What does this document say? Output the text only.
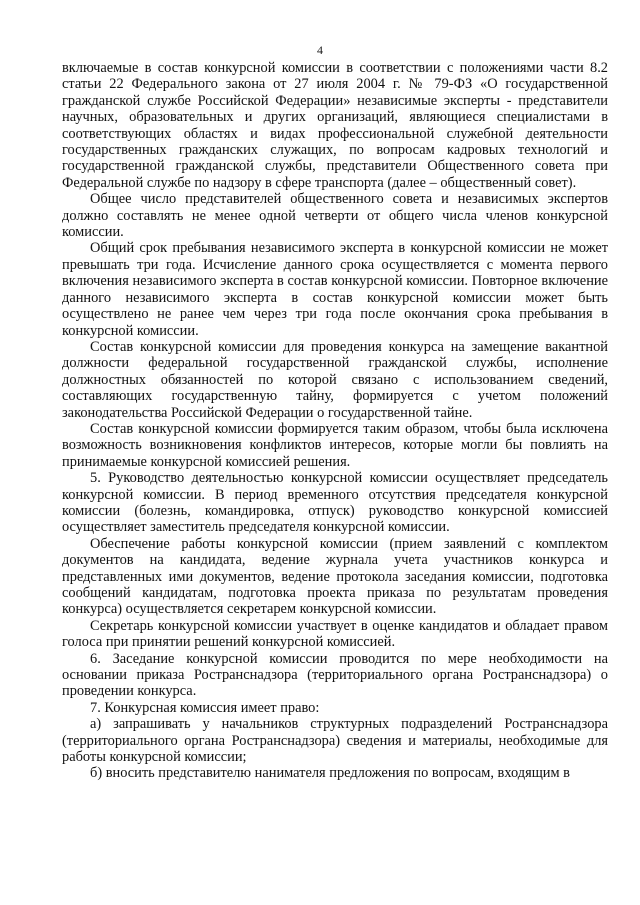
4

включаемые в состав конкурсной комиссии в соответствии с положениями части 8.2 статьи 22 Федерального закона от 27 июля 2004 г. № 79-ФЗ «О государственной гражданской службе Российской Федерации» независимые эксперты - представители научных, образовательных и других организаций, являющиеся специалистами в соответствующих областях и видах профессиональной служебной деятельности государственных гражданских служащих, по вопросам кадровых технологий и государственной гражданской службы, представители Общественного совета при Федеральной службе по надзору в сфере транспорта (далее – общественный совет).

Общее число представителей общественного совета и независимых экспертов должно составлять не менее одной четверти от общего числа членов конкурсной комиссии.

Общий срок пребывания независимого эксперта в конкурсной комиссии не может превышать три года. Исчисление данного срока осуществляется с момента первого включения независимого эксперта в состав конкурсной комиссии. Повторное включение данного независимого эксперта в состав конкурсной комиссии может быть осуществлено не ранее чем через три года после окончания срока пребывания в конкурсной комиссии.

Состав конкурсной комиссии для проведения конкурса на замещение вакантной должности федеральной государственной гражданской службы, исполнение должностных обязанностей по которой связано с использованием сведений, составляющих государственную тайну, формируется с учетом положений законодательства Российской Федерации о государственной тайне.

Состав конкурсной комиссии формируется таким образом, чтобы была исключена возможность возникновения конфликтов интересов, которые могли бы повлиять на принимаемые конкурсной комиссией решения.

5. Руководство деятельностью конкурсной комиссии осуществляет председатель конкурсной комиссии. В период временного отсутствия председателя конкурсной комиссии (болезнь, командировка, отпуск) руководство конкурсной комиссией осуществляет заместитель председателя конкурсной комиссии.

Обеспечение работы конкурсной комиссии (прием заявлений с комплектом документов на кандидата, ведение журнала учета участников конкурса и представленных ими документов, ведение протокола заседания комиссии, подготовка сообщений кандидатам, подготовка проекта приказа по результатам проведения конкурса) осуществляется секретарем конкурсной комиссии.

Секретарь конкурсной комиссии участвует в оценке кандидатов и обладает правом голоса при принятии решений конкурсной комиссией.

6. Заседание конкурсной комиссии проводится по мере необходимости на основании приказа Ространснадзора (территориального органа Ространснадзора) о проведении конкурса.

7. Конкурсная комиссия имеет право:

а) запрашивать у начальников структурных подразделений Ространснадзора (территориального органа Ространснадзора) сведения и материалы, необходимые для работы конкурсной комиссии;

б) вносить представителю нанимателя предложения по вопросам, входящим в
